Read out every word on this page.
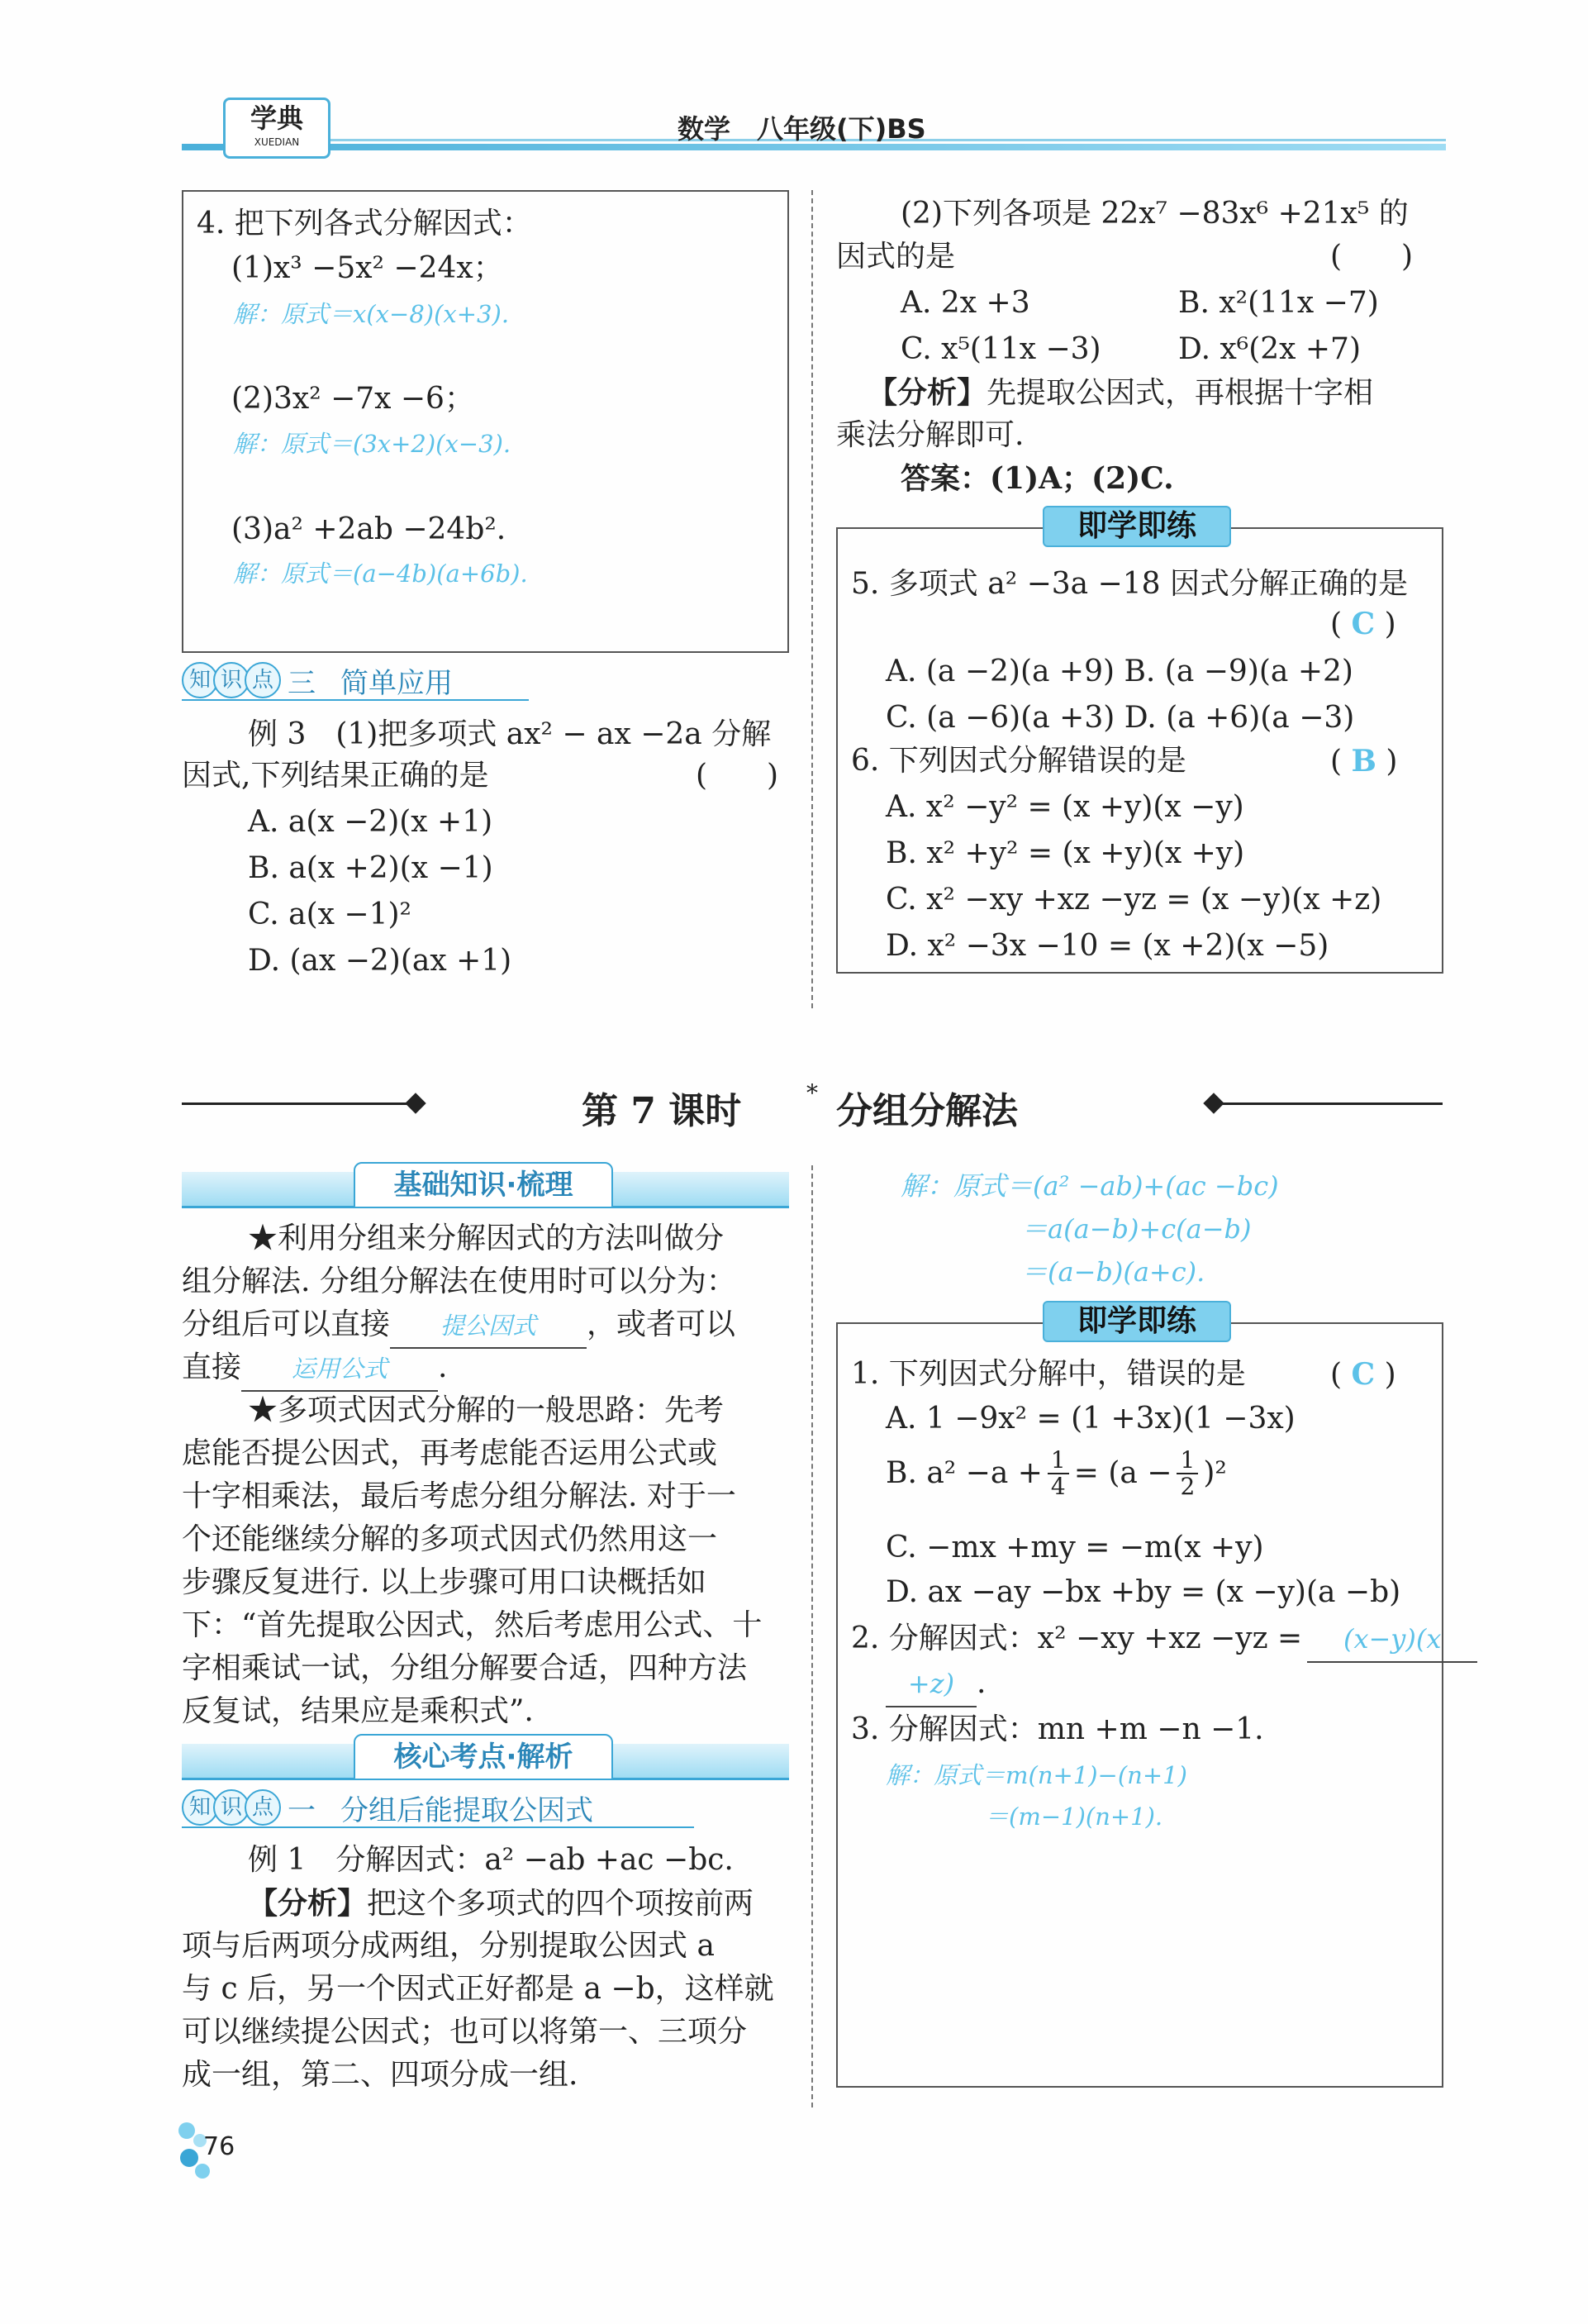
学典
XUEDIAN	数学　八年级(下)BS
4. 把下列各式分解因式：
(1)x³ −5x² −24x；
解：原式＝x(x−8)(x+3).
(2)3x² −7x −6；
解：原式＝(3x+2)(x−3).
(3)a² +2ab −24b².
解：原式＝(a−4b)(a+6b).
知 识 点 三 简单应用
例 3　(1)把多项式 ax² − ax −2a 分解
因式,下列结果正确的是	(　　)
A. a(x −2)(x +1)
B. a(x +2)(x −1)
C. a(x −1)²
D. (ax −2)(ax +1)
(2)下列各项是 22x⁷ −83x⁶ +21x⁵ 的
因式的是	(　　)
A. 2x +3	B. x²(11x −7)
C. x⁵(11x −3)	D. x⁶(2x +7)
【分析】先提取公因式，再根据十字相
乘法分解即可.
答案：(1)A；(2)C.
即学即练
5. 多项式 a² −3a −18 因式分解正确的是
( C )
A. (a −2)(a +9) B. (a −9)(a +2)
C. (a −6)(a +3) D. (a +6)(a −3)
6. 下列因式分解错误的是	( B )
A. x² −y² = (x +y)(x −y)
B. x² +y² = (x +y)(x +y)
C. x² −xy +xz −yz = (x −y)(x +z)
D. x² −3x −10 = (x +2)(x −5)
第 7 课时	* 分组分解法
基础知识·梳理
★利用分组来分解因式的方法叫做分
组分解法. 分组分解法在使用时可以分为：
分组后可以直接 提公因式 ，或者可以
直接 运用公式 .
★多项式因式分解的一般思路：先考
虑能否提公因式，再考虑能否运用公式或
十字相乘法，最后考虑分组分解法. 对于一
个还能继续分解的多项式因式仍然用这一
步骤反复进行. 以上步骤可用口诀概括如
下：“首先提取公因式，然后考虑用公式、十
字相乘试一试，分组分解要合适，四种方法
反复试，结果应是乘积式”.
核心考点·解析
知 识 点 一 分组后能提取公因式
例 1　分解因式：a² −ab +ac −bc.
【分析】把这个多项式的四个项按前两
项与后两项分成两组，分别提取公因式 a
与 c 后，另一个因式正好都是 a −b，这样就
可以继续提公因式；也可以将第一、三项分
成一组，第二、四项分成一组.
解：原式＝(a² −ab)+(ac −bc)
＝a(a−b)+c(a−b)
＝(a−b)(a+c).
即学即练
1. 下列因式分解中，错误的是	( C )
A. 1 −9x² = (1 +3x)(1 −3x)
B. $a^2 -a + \frac{1}{4} = (a - \frac{1}{2} )^2$
C. −mx +my = −m(x +y)
D. ax −ay −bx +by = (x −y)(a −b)
2. 分解因式：x² −xy +xz −yz = (x−y)(x
+z) .
3. 分解因式：mn +m −n −1.
解：原式＝m(n+1)−(n+1)
＝(m−1)(n+1).
76
